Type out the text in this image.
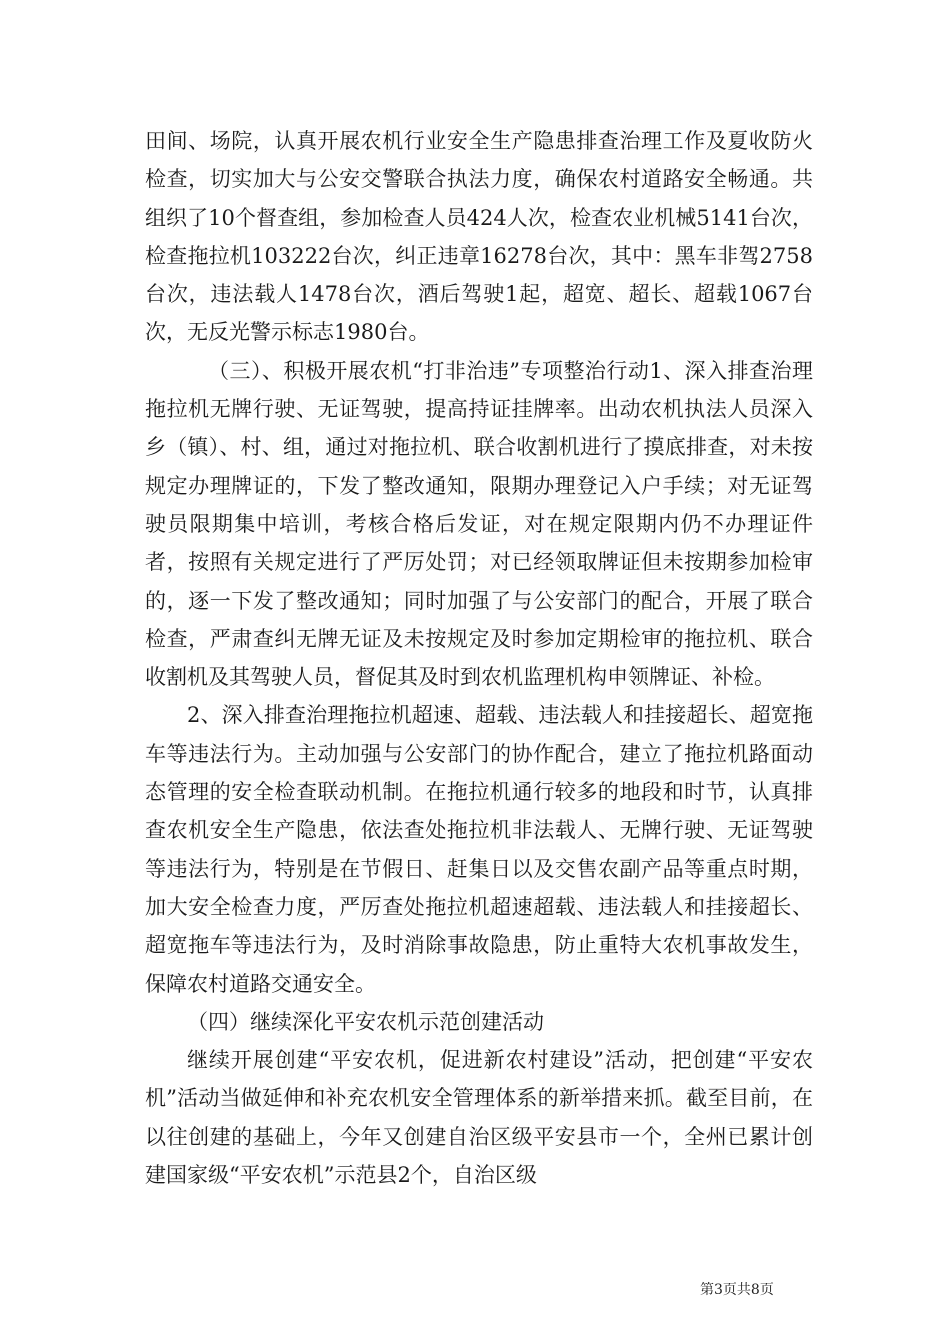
田间、场院，认真开展农机行业安全生产隐患排查治理工作及夏收防火检查，切实加大与公安交警联合执法力度，确保农村道路安全畅通。共组织了10个督查组，参加检查人员424人次，检查农业机械5141台次，检查拖拉机103222台次，纠正违章16278台次，其中：黑车非驾2758台次，违法载人1478台次，酒后驾驶1起，超宽、超长、超载1067台次，无反光警示标志1980台。

（三）、积极开展农机“打非治违”专项整治行动1、深入排查治理拖拉机无牌行驶、无证驾驶，提高持证挂牌率。出动农机执法人员深入乡（镇）、村、组，通过对拖拉机、联合收割机进行了摸底排查，对未按规定办理牌证的，下发了整改通知，限期办理登记入户手续；对无证驾驶员限期集中培训，考核合格后发证，对在规定限期内仍不办理证件者，按照有关规定进行了严厉处罚；对已经领取牌证但未按期参加检审的，逐一下发了整改通知；同时加强了与公安部门的配合，开展了联合检查，严肃查纠无牌无证及未按规定及时参加定期检审的拖拉机、联合收割机及其驾驶人员，督促其及时到农机监理机构申领牌证、补检。

2、深入排查治理拖拉机超速、超载、违法载人和挂接超长、超宽拖车等违法行为。主动加强与公安部门的协作配合，建立了拖拉机路面动态管理的安全检查联动机制。在拖拉机通行较多的地段和时节，认真排查农机安全生产隐患，依法查处拖拉机非法载人、无牌行驶、无证驾驶等违法行为，特别是在节假日、赶集日以及交售农副产品等重点时期，加大安全检查力度，严厉查处拖拉机超速超载、违法载人和挂接超长、超宽拖车等违法行为，及时消除事故隐患，防止重特大农机事故发生，保障农村道路交通安全。

（四）继续深化平安农机示范创建活动

继续开展创建“平安农机，促进新农村建设”活动，把创建“平安农机”活动当做延伸和补充农机安全管理体系的新举措来抓。截至目前，在以往创建的基础上，今年又创建自治区级平安县市一个，全州已累计创建国家级“平安农机”示范县2个，自治区级

第3页共8页
